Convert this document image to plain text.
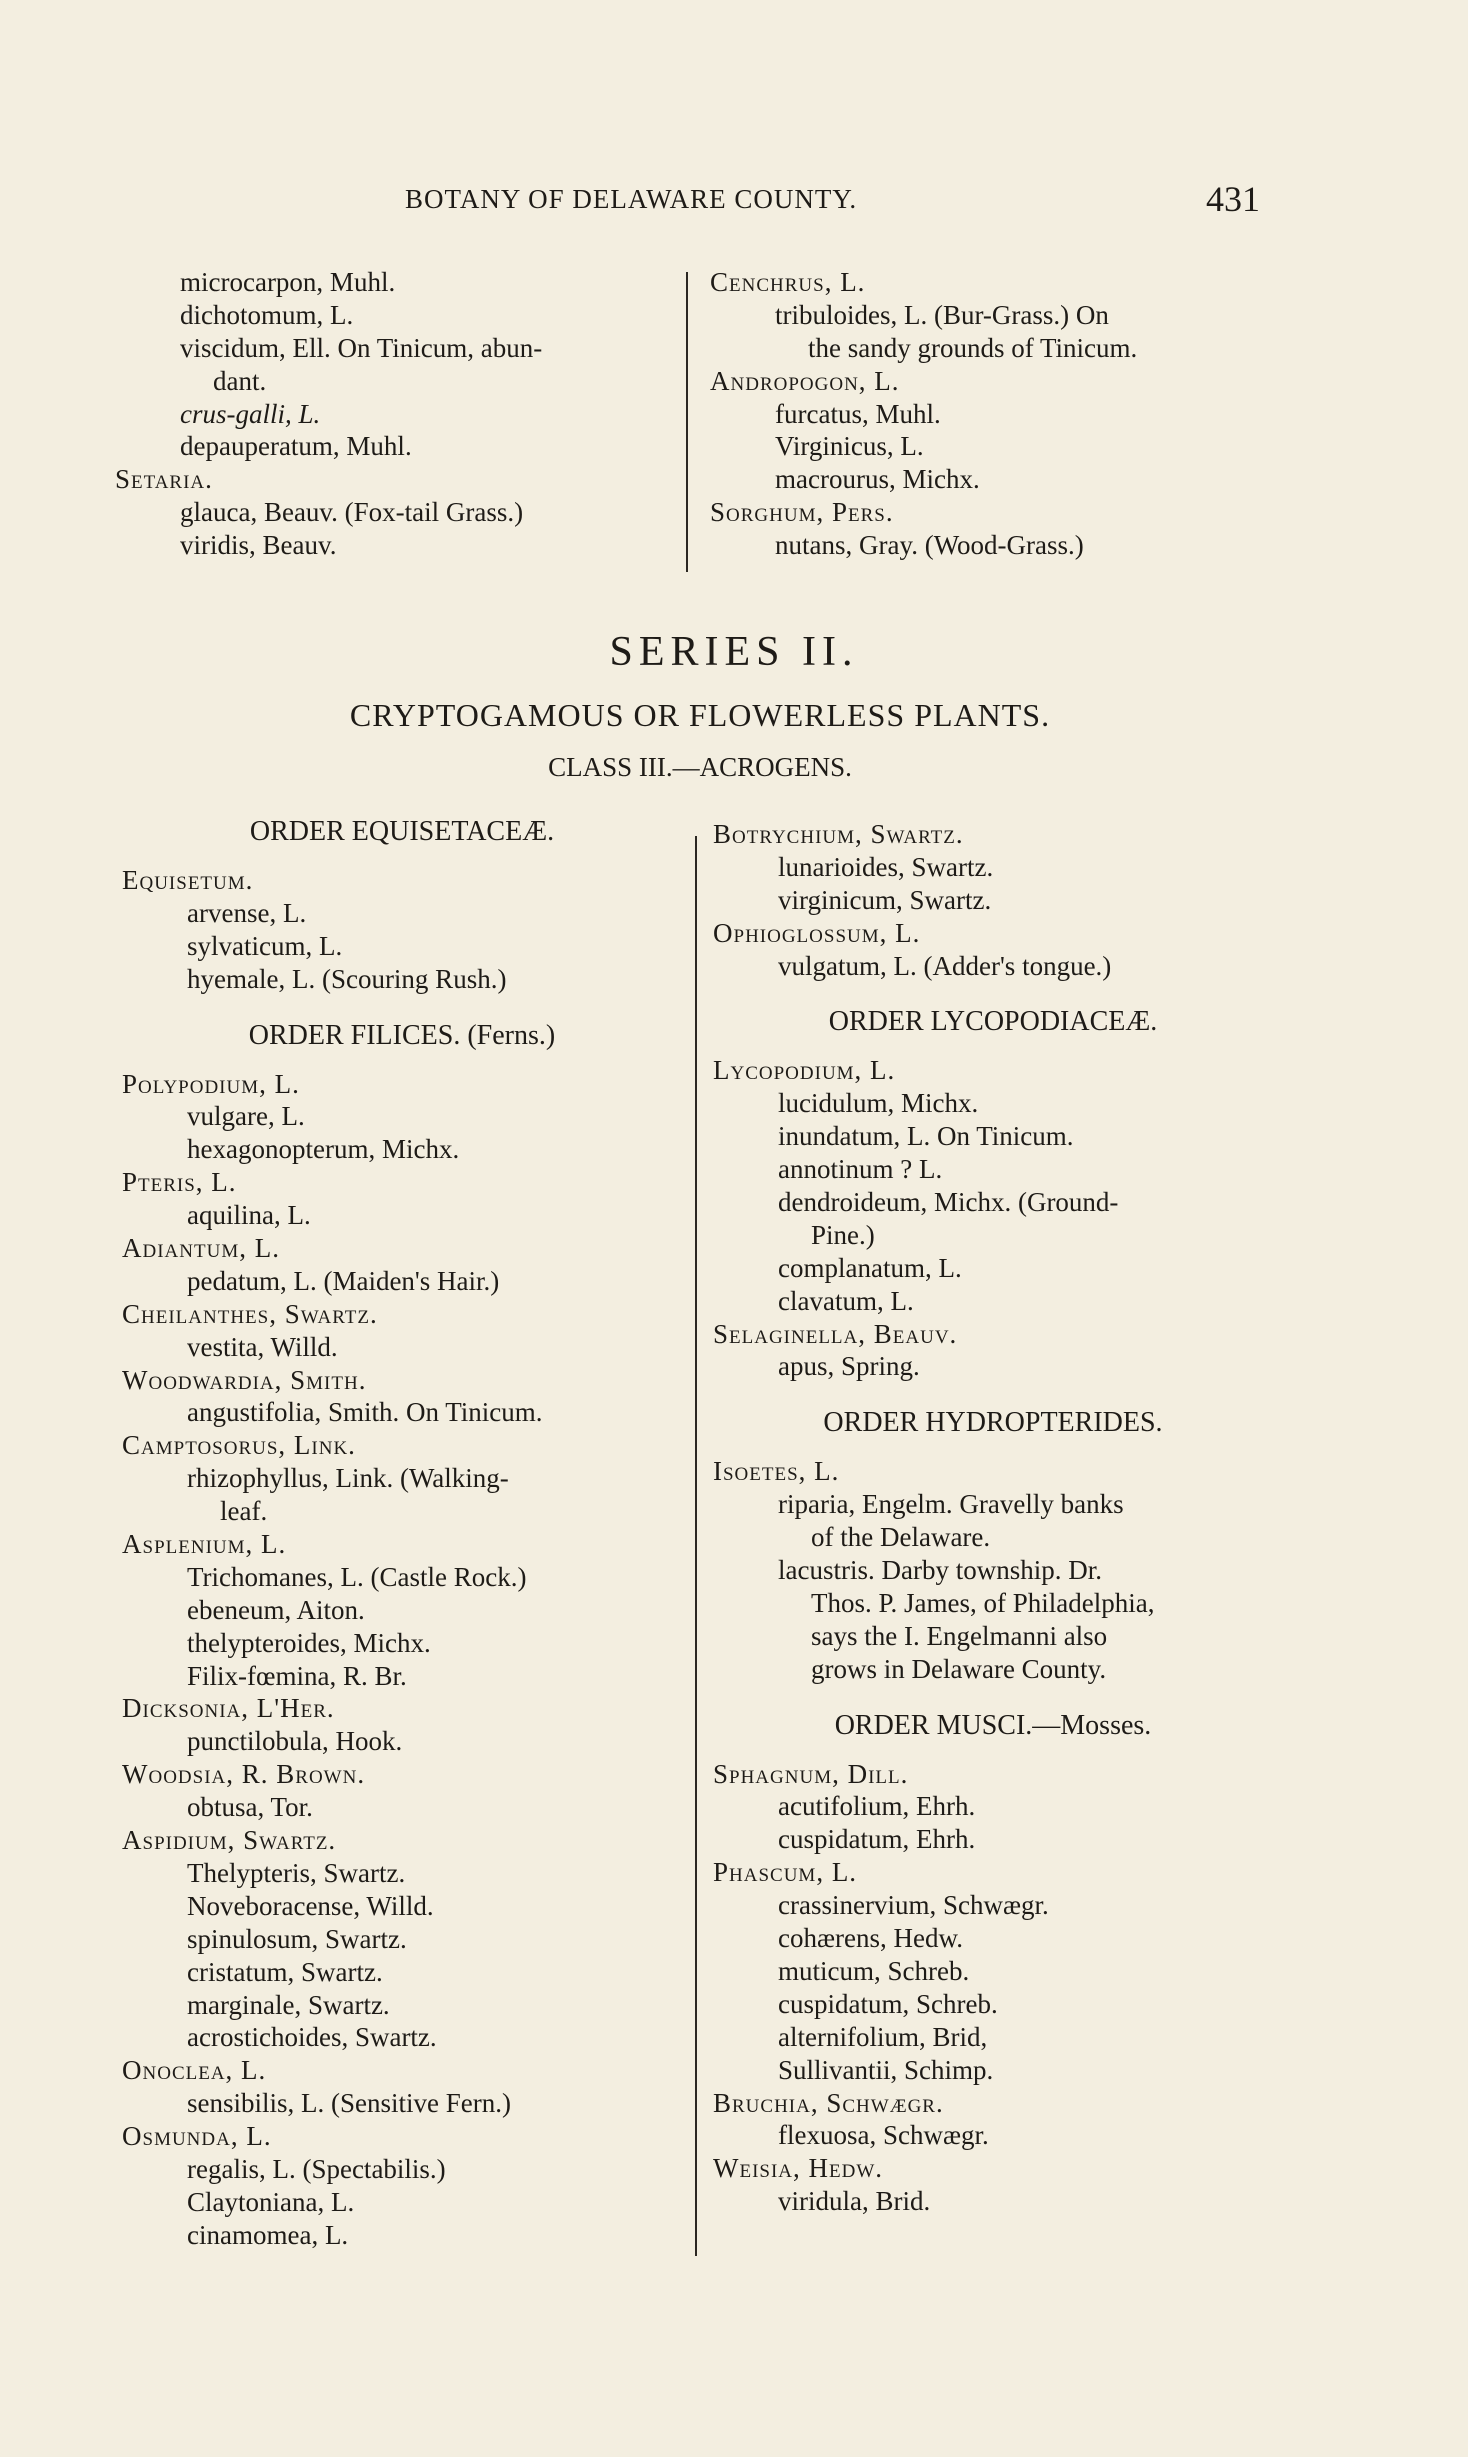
BOTANY OF DELAWARE COUNTY.	431
microcarpon, Muhl.
dichotomum, L.
viscidum, Ell. On Tinicum, abun-
dant.
crus-galli, L.
depauperatum, Muhl.
Setaria.
glauca, Beauv. (Fox-tail Grass.)
viridis, Beauv.
Cenchrus, L.
tribuloides, L. (Bur-Grass.) On
the sandy grounds of Tinicum.
Andropogon, L.
furcatus, Muhl.
Virginicus, L.
macrourus, Michx.
Sorghum, Pers.
nutans, Gray. (Wood-Grass.)
SERIES II.
CRYPTOGAMOUS OR FLOWERLESS PLANTS.
CLASS III.—ACROGENS.
ORDER EQUISETACEÆ.
Equisetum.
arvense, L.
sylvaticum, L.
hyemale, L. (Scouring Rush.)
ORDER FILICES. (Ferns.)
Polypodium, L.
vulgare, L.
hexagonopterum, Michx.
Pteris, L.
aquilina, L.
Adiantum, L.
pedatum, L. (Maiden's Hair.)
Cheilanthes, Swartz.
vestita, Willd.
Woodwardia, Smith.
angustifolia, Smith. On Tinicum.
Camptosorus, Link.
rhizophyllus, Link. (Walking-
leaf.
Asplenium, L.
Trichomanes, L. (Castle Rock.)
ebeneum, Aiton.
thelypteroides, Michx.
Filix-fœmina, R. Br.
Dicksonia, L'Her.
punctilobula, Hook.
Woodsia, R. Brown.
obtusa, Tor.
Aspidium, Swartz.
Thelypteris, Swartz.
Noveboracense, Willd.
spinulosum, Swartz.
cristatum, Swartz.
marginale, Swartz.
acrostichoides, Swartz.
Onoclea, L.
sensibilis, L. (Sensitive Fern.)
Osmunda, L.
regalis, L. (Spectabilis.)
Claytoniana, L.
cinamomea, L.
Botrychium, Swartz.
lunarioides, Swartz.
virginicum, Swartz.
Ophioglossum, L.
vulgatum, L. (Adder's tongue.)
ORDER LYCOPODIACEÆ.
Lycopodium, L.
lucidulum, Michx.
inundatum, L. On Tinicum.
annotinum ? L.
dendroideum, Michx. (Ground-
Pine.)
complanatum, L.
clavatum, L.
Selaginella, Beauv.
apus, Spring.
ORDER HYDROPTERIDES.
Isoetes, L.
riparia, Engelm. Gravelly banks
of the Delaware.
lacustris. Darby township. Dr.
Thos. P. James, of Philadelphia,
says the I. Engelmanni also
grows in Delaware County.
ORDER MUSCI.—Mosses.
Sphagnum, Dill.
acutifolium, Ehrh.
cuspidatum, Ehrh.
Phascum, L.
crassinervium, Schwægr.
cohærens, Hedw.
muticum, Schreb.
cuspidatum, Schreb.
alternifolium, Brid,
Sullivantii, Schimp.
Bruchia, Schwægr.
flexuosa, Schwægr.
Weisia, Hedw.
viridula, Brid.
